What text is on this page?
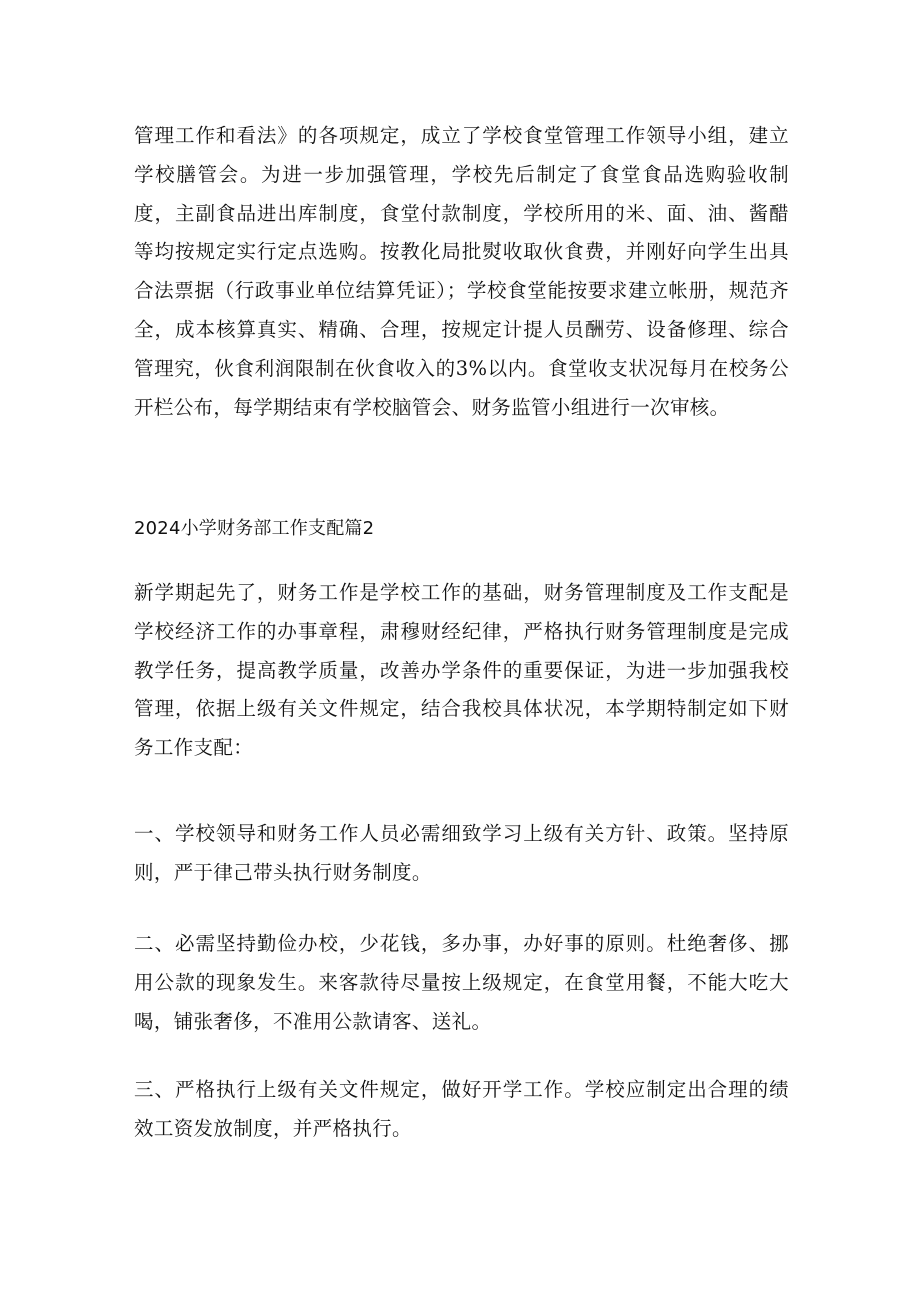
管理工作和看法》的各项规定，成立了学校食堂管理工作领导小组，建立学校膳管会。为进一步加强管理，学校先后制定了食堂食品选购验收制度，主副食品进出库制度，食堂付款制度，学校所用的米、面、油、酱醋等均按规定实行定点选购。按教化局批熨收取伙食费，并刚好向学生出具合法票据（行政事业单位结算凭证）；学校食堂能按要求建立帐册，规范齐全，成本核算真实、精确、合理，按规定计提人员酬劳、设备修理、综合管理究，伙食利润限制在伙食收入的3%以内。食堂收支状况每月在校务公开栏公布，每学期结束有学校脑管会、财务监管小组进行一次审核。

2024小学财务部工作支配篇2

新学期起先了，财务工作是学校工作的基础，财务管理制度及工作支配是学校经济工作的办事章程，肃穆财经纪律，严格执行财务管理制度是完成教学任务，提高教学质量，改善办学条件的重要保证，为进一步加强我校管理，依据上级有关文件规定，结合我校具体状况，本学期特制定如下财务工作支配：

一、学校领导和财务工作人员必需细致学习上级有关方针、政策。坚持原则，严于律己带头执行财务制度。

二、必需坚持勤俭办校，少花钱，多办事，办好事的原则。杜绝奢侈、挪用公款的现象发生。来客款待尽量按上级规定，在食堂用餐，不能大吃大喝，铺张奢侈，不准用公款请客、送礼。

三、严格执行上级有关文件规定，做好开学工作。学校应制定出合理的绩效工资发放制度，并严格执行。
